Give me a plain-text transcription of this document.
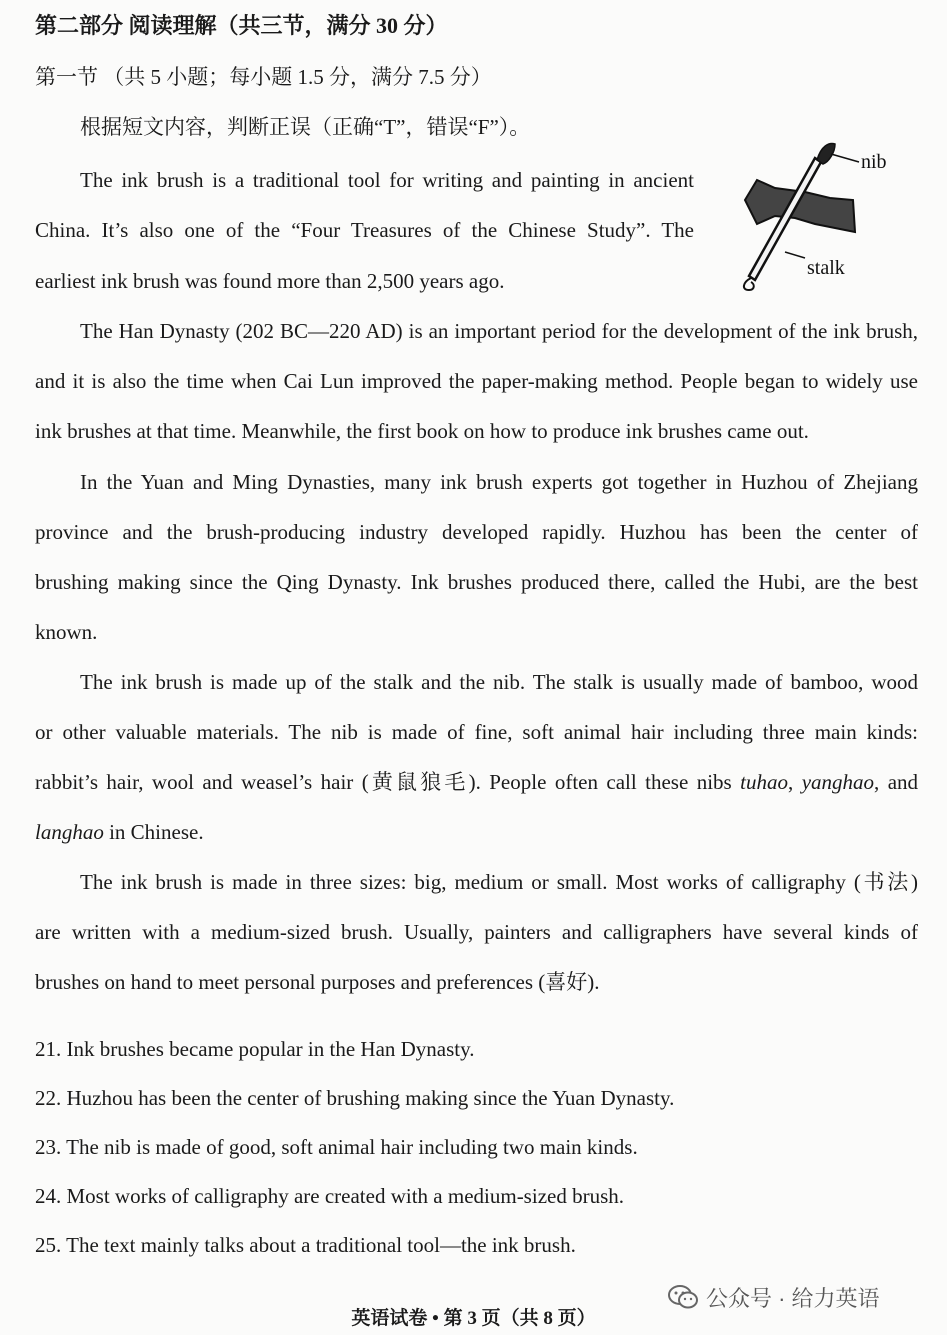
第二部分 阅读理解（共三节，满分 30 分）
第一节 （共 5 小题；每小题 1.5 分，满分 7.5 分）
根据短文内容，判断正误（正确“T”，错误“F”）。
The ink brush is a traditional tool for writing and painting in ancient
China. It’s also one of the “Four Treasures of the Chinese Study”. The
earliest ink brush was found more than 2,500 years ago.
nib
stalk
The Han Dynasty (202 BC—220 AD) is an important period for the development of the ink brush,
and it is also the time when Cai Lun improved the paper-making method. People began to widely use
ink brushes at that time. Meanwhile, the first book on how to produce ink brushes came out.
In the Yuan and Ming Dynasties, many ink brush experts got together in Huzhou of Zhejiang
province and the brush-producing industry developed rapidly. Huzhou has been the center of
brushing making since the Qing Dynasty. Ink brushes produced there, called the Hubi, are the best
known.
The ink brush is made up of the stalk and the nib. The stalk is usually made of bamboo, wood
or other valuable materials. The nib is made of fine, soft animal hair including three main kinds:
rabbit’s hair, wool and weasel’s hair (黄鼠狼毛). People often call these nibs tuhao, yanghao, and
langhao in Chinese.
The ink brush is made in three sizes: big, medium or small. Most works of calligraphy (书法)
are written with a medium-sized brush. Usually, painters and calligraphers have several kinds of
brushes on hand to meet personal purposes and preferences (喜好).
21. Ink brushes became popular in the Han Dynasty.
22. Huzhou has been the center of brushing making since the Yuan Dynasty.
23. The nib is made of good, soft animal hair including two main kinds.
24. Most works of calligraphy are created with a medium-sized brush.
25. The text mainly talks about a traditional tool—the ink brush.
公众号 · 给力英语
英语试卷 • 第 3 页（共 8 页）
